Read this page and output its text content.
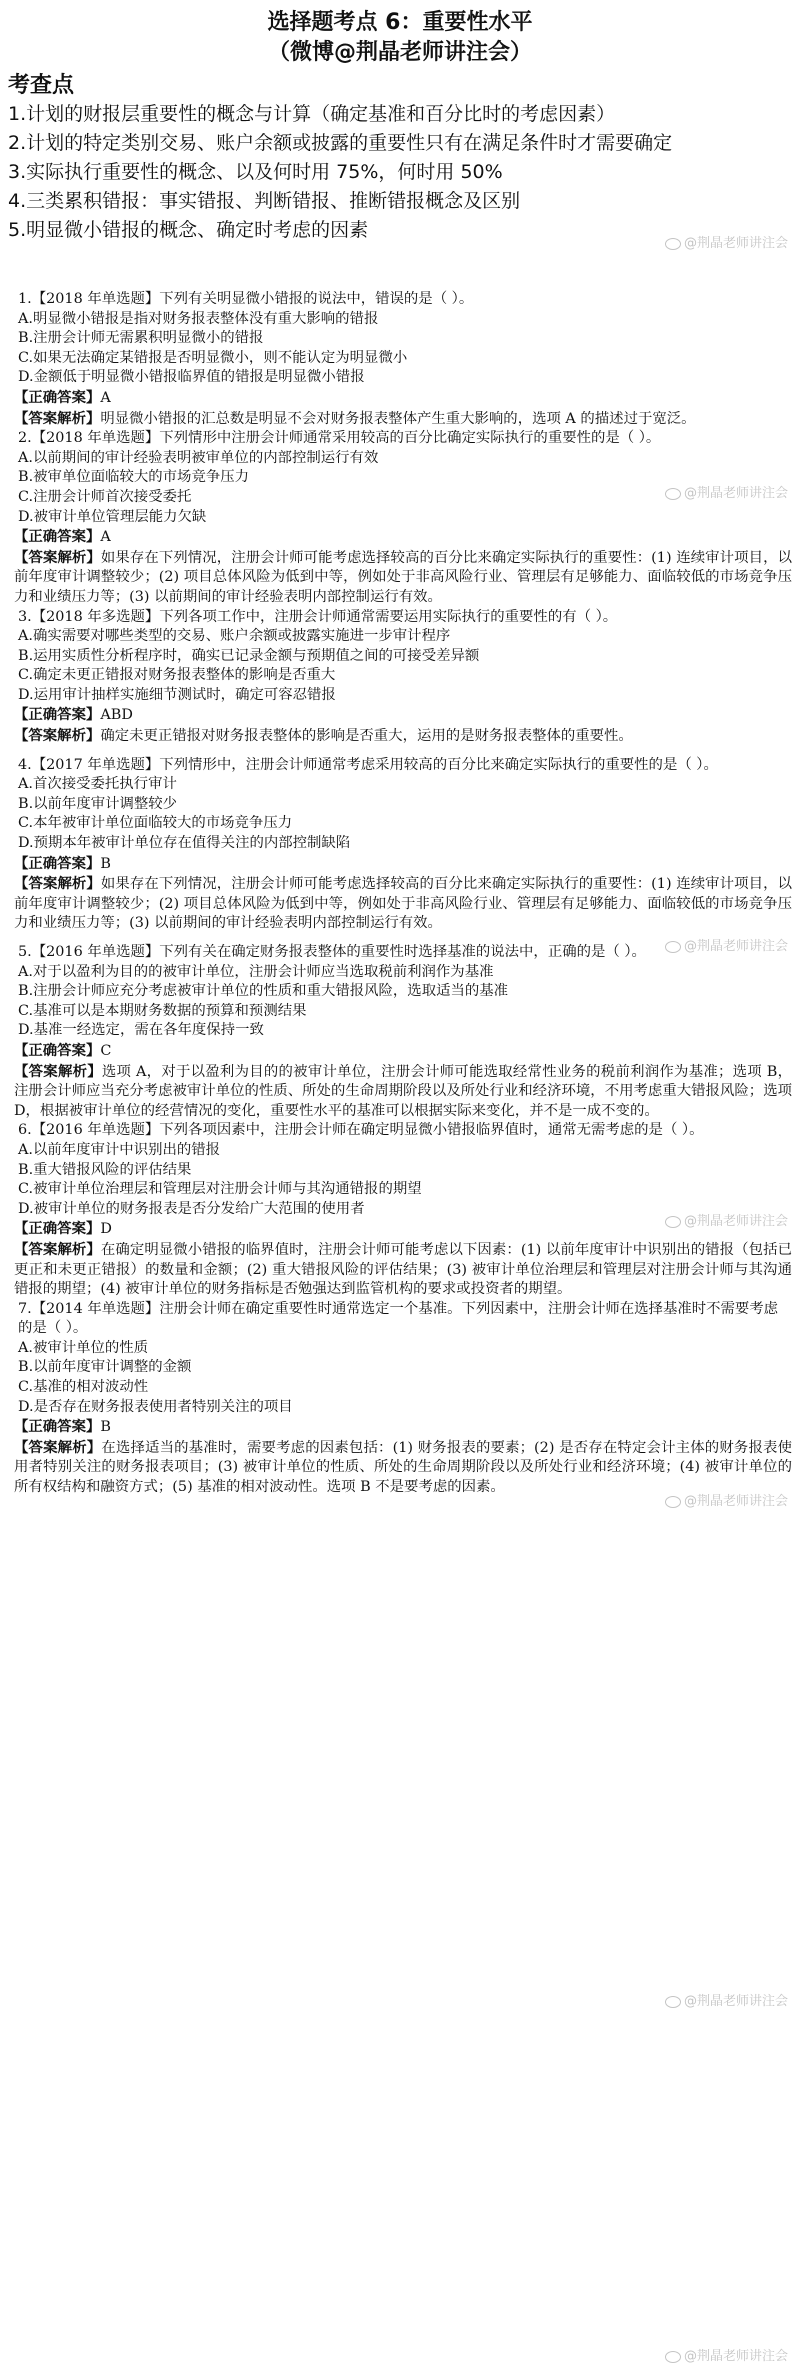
选择题考点 6：重要性水平
（微博@荆晶老师讲注会）
考查点
1.计划的财报层重要性的概念与计算（确定基准和百分比时的考虑因素）
2.计划的特定类别交易、账户余额或披露的重要性只有在满足条件时才需要确定
3.实际执行重要性的概念、以及何时用 75%，何时用 50%
4.三类累积错报：事实错报、判断错报、推断错报概念及区别
5.明显微小错报的概念、确定时考虑的因素

1.【2018 年单选题】下列有关明显微小错报的说法中，错误的是（ ）。

A.明显微小错报是指对财务报表整体没有重大影响的错报

B.注册会计师无需累积明显微小的错报

C.如果无法确定某错报是否明显微小，则不能认定为明显微小

D.金额低于明显微小错报临界值的错报是明显微小错报

【正确答案】A

【答案解析】明显微小错报的汇总数是明显不会对财务报表整体产生重大影响的，选项 A 的描述过于宽泛。

2.【2018 年单选题】下列情形中注册会计师通常采用较高的百分比确定实际执行的重要性的是（ ）。

A.以前期间的审计经验表明被审单位的内部控制运行有效

B.被审单位面临较大的市场竞争压力

C.注册会计师首次接受委托

D.被审计单位管理层能力欠缺

【正确答案】A

【答案解析】如果存在下列情况，注册会计师可能考虑选择较高的百分比来确定实际执行的重要性：(1) 连续审计项目，以前年度审计调整较少；(2) 项目总体风险为低到中等，例如处于非高风险行业、管理层有足够能力、面临较低的市场竞争压力和业绩压力等；(3) 以前期间的审计经验表明内部控制运行有效。

3.【2018 年多选题】下列各项工作中，注册会计师通常需要运用实际执行的重要性的有（ ）。

A.确实需要对哪些类型的交易、账户余额或披露实施进一步审计程序

B.运用实质性分析程序时，确实已记录金额与预期值之间的可接受差异额

C.确定未更正错报对财务报表整体的影响是否重大

D.运用审计抽样实施细节测试时，确定可容忍错报

【正确答案】ABD

【答案解析】确定未更正错报对财务报表整体的影响是否重大，运用的是财务报表整体的重要性。

4.【2017 年单选题】下列情形中，注册会计师通常考虑采用较高的百分比来确定实际执行的重要性的是（ ）。

A.首次接受委托执行审计

B.以前年度审计调整较少

C.本年被审计单位面临较大的市场竞争压力

D.预期本年被审计单位存在值得关注的内部控制缺陷

【正确答案】B

【答案解析】如果存在下列情况，注册会计师可能考虑选择较高的百分比来确定实际执行的重要性：(1) 连续审计项目，以前年度审计调整较少；(2) 项目总体风险为低到中等，例如处于非高风险行业、管理层有足够能力、面临较低的市场竞争压力和业绩压力等；(3) 以前期间的审计经验表明内部控制运行有效。

5.【2016 年单选题】下列有关在确定财务报表整体的重要性时选择基准的说法中，正确的是（ ）。

A.对于以盈利为目的的被审计单位，注册会计师应当选取税前利润作为基准

B.注册会计师应充分考虑被审计单位的性质和重大错报风险，选取适当的基准

C.基准可以是本期财务数据的预算和预测结果

D.基准一经选定，需在各年度保持一致

【正确答案】C

【答案解析】选项 A，对于以盈利为目的的被审计单位，注册会计师可能选取经常性业务的税前利润作为基准；选项 B，注册会计师应当充分考虑被审计单位的性质、所处的生命周期阶段以及所处行业和经济环境，不用考虑重大错报风险；选项 D，根据被审计单位的经营情况的变化，重要性水平的基准可以根据实际来变化，并不是一成不变的。

6.【2016 年单选题】下列各项因素中，注册会计师在确定明显微小错报临界值时，通常无需考虑的是（ ）。

A.以前年度审计中识别出的错报

B.重大错报风险的评估结果

C.被审计单位治理层和管理层对注册会计师与其沟通错报的期望

D.被审计单位的财务报表是否分发给广大范围的使用者

【正确答案】D

【答案解析】在确定明显微小错报的临界值时，注册会计师可能考虑以下因素：(1) 以前年度审计中识别出的错报（包括已更正和未更正错报）的数量和金额；(2) 重大错报风险的评估结果；(3) 被审计单位治理层和管理层对注册会计师与其沟通错报的期望；(4) 被审计单位的财务指标是否勉强达到监管机构的要求或投资者的期望。

7.【2014 年单选题】注册会计师在确定重要性时通常选定一个基准。下列因素中，注册会计师在选择基准时不需要考虑的是（ ）。

A.被审计单位的性质

B.以前年度审计调整的金额

C.基准的相对波动性

D.是否存在财务报表使用者特别关注的项目

【正确答案】B

【答案解析】在选择适当的基准时，需要考虑的因素包括：(1) 财务报表的要素；(2) 是否存在特定会计主体的财务报表使用者特别关注的财务报表项目；(3) 被审计单位的性质、所处的生命周期阶段以及所处行业和经济环境；(4) 被审计单位的所有权结构和融资方式；(5) 基准的相对波动性。选项 B 不是要考虑的因素。

@荆晶老师讲注会
@荆晶老师讲注会
@荆晶老师讲注会
@荆晶老师讲注会
@荆晶老师讲注会
@荆晶老师讲注会
@荆晶老师讲注会
